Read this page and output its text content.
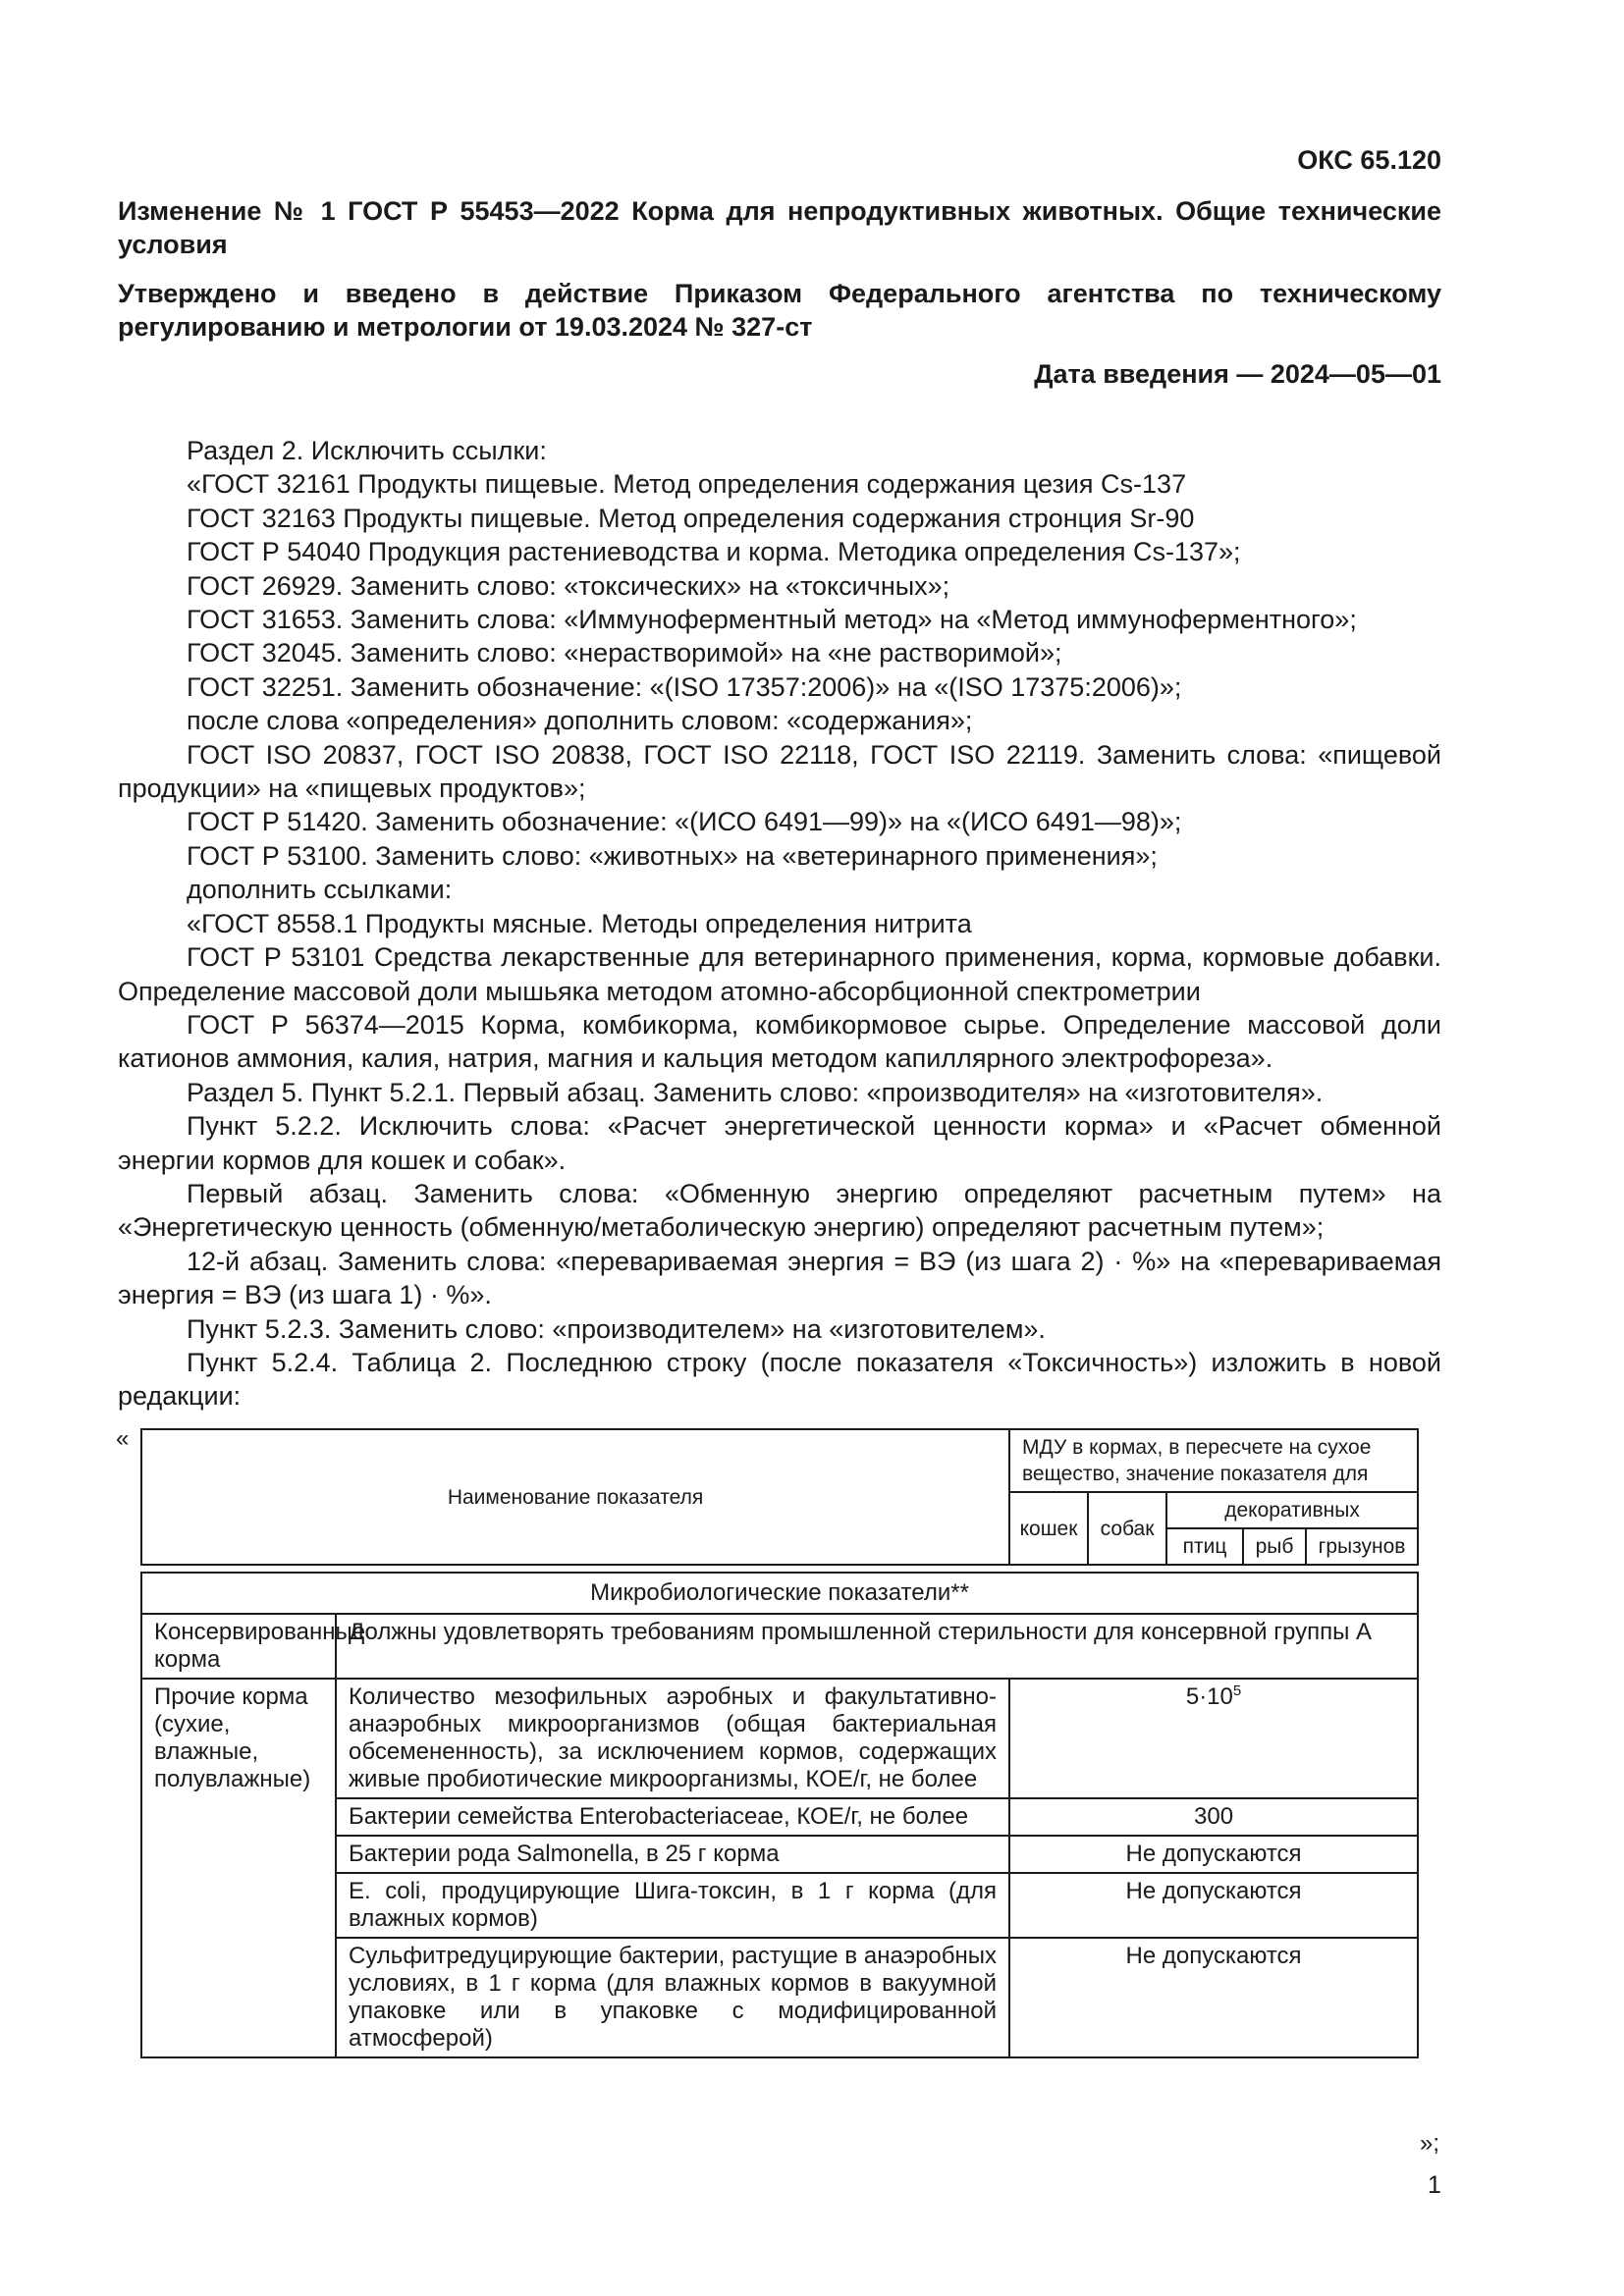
ОКС 65.120
Изменение № 1 ГОСТ Р 55453—2022 Корма для непродуктивных животных. Общие технические условия
Утверждено и введено в действие Приказом Федерального агентства по техническому регулированию и метрологии от 19.03.2024 № 327-ст
Дата введения — 2024—05—01

Раздел 2. Исключить ссылки:

«ГОСТ 32161 Продукты пищевые. Метод определения содержания цезия Cs-137

ГОСТ 32163 Продукты пищевые. Метод определения содержания стронция Sr-90

ГОСТ Р 54040 Продукция растениеводства и корма. Методика определения Cs-137»;

ГОСТ 26929. Заменить слово: «токсических» на «токсичных»;

ГОСТ 31653. Заменить слова: «Иммуноферментный метод» на «Метод иммуноферментного»;

ГОСТ 32045. Заменить слово: «нерастворимой» на «не растворимой»;

ГОСТ 32251. Заменить обозначение: «(ISO 17357:2006)» на «(ISO 17375:2006)»;

после слова «определения» дополнить словом: «содержания»;

ГОСТ ISO 20837, ГОСТ ISO 20838, ГОСТ ISO 22118, ГОСТ ISO 22119. Заменить слова: «пищевой продукции» на «пищевых продуктов»;

ГОСТ Р 51420. Заменить обозначение: «(ИСО 6491—99)» на «(ИСО 6491—98)»;

ГОСТ Р 53100. Заменить слово: «животных» на «ветеринарного применения»;

дополнить ссылками:

«ГОСТ 8558.1 Продукты мясные. Методы определения нитрита

ГОСТ Р 53101 Средства лекарственные для ветеринарного применения, корма, кормовые добавки. Определение массовой доли мышьяка методом атомно-абсорбционной спектрометрии

ГОСТ Р 56374—2015 Корма, комбикорма, комбикормовое сырье. Определение массовой доли катионов аммония, калия, натрия, магния и кальция методом капиллярного электрофореза».

Раздел 5. Пункт 5.2.1. Первый абзац. Заменить слово: «производителя» на «изготовителя».

Пункт 5.2.2. Исключить слова: «Расчет энергетической ценности корма» и «Расчет обменной энергии кормов для кошек и собак».

Первый абзац. Заменить слова: «Обменную энергию определяют расчетным путем» на «Энергетическую ценность (обменную/метаболическую энергию) определяют расчетным путем»;

12-й абзац. Заменить слова: «перевариваемая энергия = ВЭ (из шага 2) · %» на «перевариваемая энергия = ВЭ (из шага 1) · %».

Пункт 5.2.3. Заменить слово: «производителем» на «изготовителем».

Пункт 5.2.4. Таблица 2. Последнюю строку (после показателя «Токсичность») изложить в новой редакции:

«
Наименование показателя		МДУ в кормах, в пересчете на сухое вещество, значение показателя для				
		кошек	собак	декоративных		
				птиц	рыб	грызунов

Микробиологические показатели**						
Консервированные корма	Должны удовлетворять требованиям промышленной стерильности для консервной группы А					
Прочие корма (сухие, влажные, полувлажные)	Количество мезофильных аэробных и факультативно-анаэробных микроорганизмов (общая бактериальная обсемененность), за исключением кормов, содержащих живые пробиотические микроорганизмы, КОЕ/г, не более	$5\cdot 10^5$
	Бактерии семейства Enterobacteriaceae, КОЕ/г, не более	300				
	Бактерии рода Salmonella, в 25 г корма	Не допускаются				
	E. coli, продуцирующие Шига-токсин, в 1 г корма (для влажных кормов)	Не допускаются				
	Сульфитредуцирующие бактерии, растущие в анаэробных условиях, в 1 г корма (для влажных кормов в вакуумной упаковке или в упаковке с модифицированной атмосферой)	Не допускаются				
»;
1
